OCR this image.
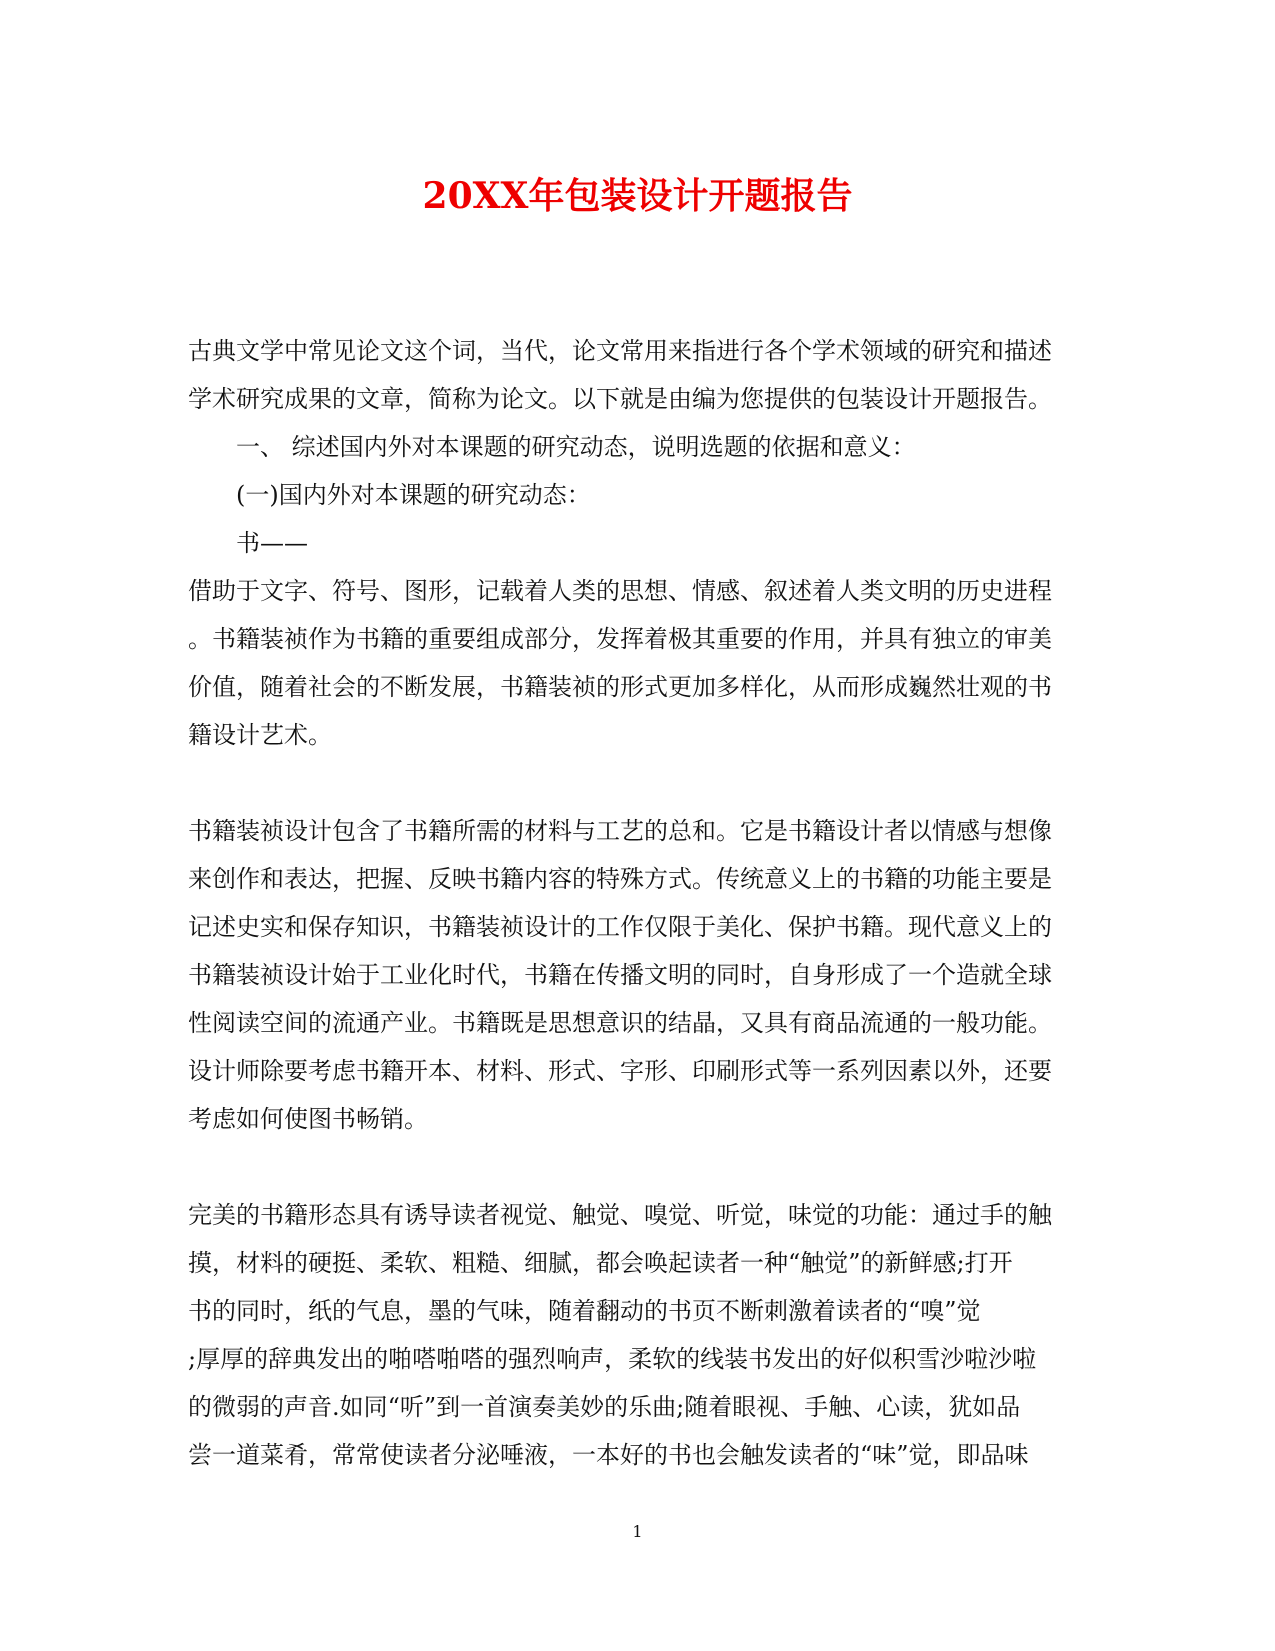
20XX年包装设计开题报告
古典文学中常见论文这个词，当代，论文常用来指进行各个学术领域的研究和描述
学术研究成果的文章，简称为论文。以下就是由编为您提供的包装设计开题报告。
一、 综述国内外对本课题的研究动态，说明选题的依据和意义：
(一)国内外对本课题的研究动态：
书——
借助于文字、符号、图形，记载着人类的思想、情感、叙述着人类文明的历史进程
。书籍装祯作为书籍的重要组成部分，发挥着极其重要的作用，并具有独立的审美
价值，随着社会的不断发展，书籍装祯的形式更加多样化，从而形成巍然壮观的书
籍设计艺术。
书籍装祯设计包含了书籍所需的材料与工艺的总和。它是书籍设计者以情感与想像
来创作和表达，把握、反映书籍内容的特殊方式。传统意义上的书籍的功能主要是
记述史实和保存知识，书籍装祯设计的工作仅限于美化、保护书籍。现代意义上的
书籍装祯设计始于工业化时代，书籍在传播文明的同时，自身形成了一个造就全球
性阅读空间的流通产业。书籍既是思想意识的结晶，又具有商品流通的一般功能。
设计师除要考虑书籍开本、材料、形式、字形、印刷形式等一系列因素以外，还要
考虑如何使图书畅销。
完美的书籍形态具有诱导读者视觉、触觉、嗅觉、听觉，味觉的功能：通过手的触
摸，材料的硬挺、柔软、粗糙、细腻，都会唤起读者一种“触觉”的新鲜感;打开
书的同时，纸的气息，墨的气味，随着翻动的书页不断刺激着读者的“嗅”觉
;厚厚的辞典发出的啪嗒啪嗒的强烈响声，柔软的线装书发出的好似积雪沙啦沙啦
的微弱的声音.如同“听”到一首演奏美妙的乐曲;随着眼视、手触、心读，犹如品
尝一道菜肴，常常使读者分泌唾液，一本好的书也会触发读者的“味”觉，即品味
1
